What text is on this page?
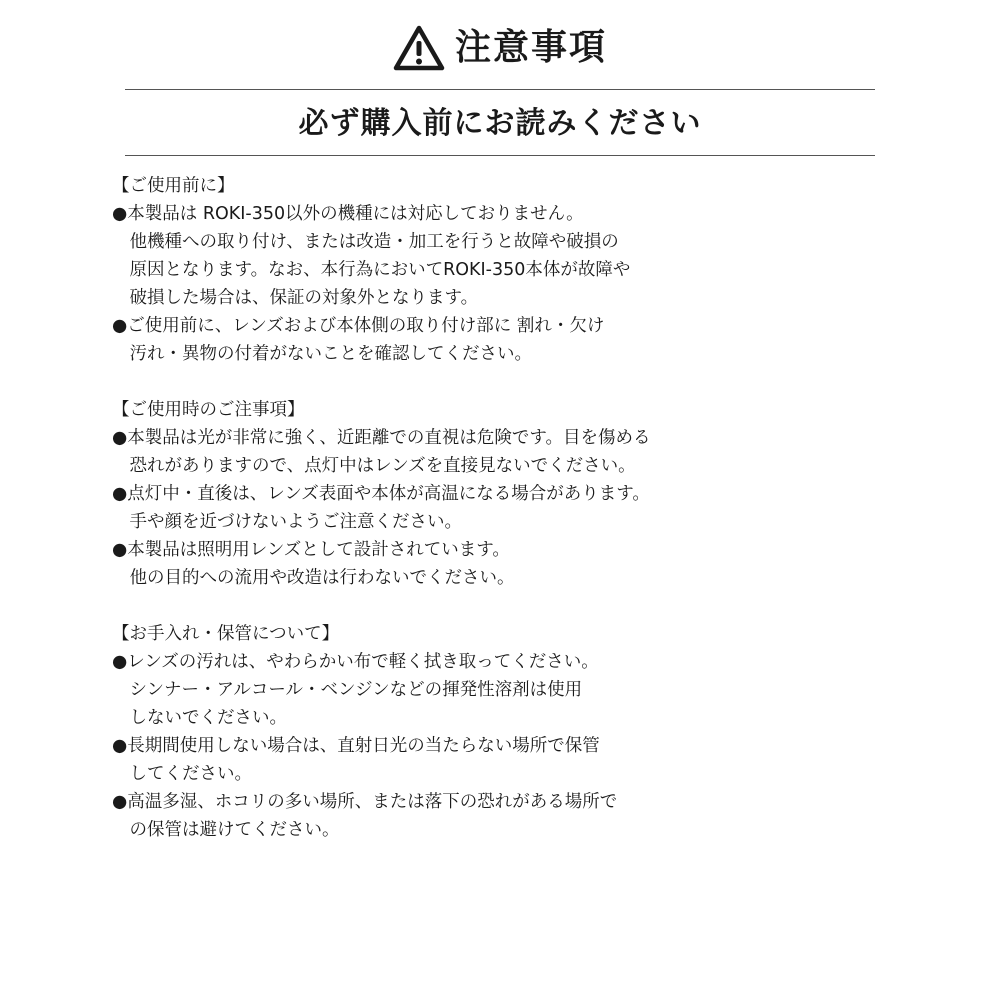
注意事項
必ず購入前にお読みください
【ご使用前に】
●本製品は ROKI-350以外の機種には対応しておりません。
　他機種への取り付け、または改造・加工を行うと故障や破損の
　原因となります。なお、本行為においてROKI-350本体が故障や
　破損した場合は、保証の対象外となります。
●ご使用前に、レンズおよび本体側の取り付け部に 割れ・欠け
　汚れ・異物の付着がないことを確認してください。
【ご使用時のご注事項】
●本製品は光が非常に強く、近距離での直視は危険です。目を傷める
　恐れがありますので、点灯中はレンズを直接見ないでください。
●点灯中・直後は、レンズ表面や本体が高温になる場合があります。
　手や顔を近づけないようご注意ください。
●本製品は照明用レンズとして設計されています。
　他の目的への流用や改造は行わないでください。
【お手入れ・保管について】
●レンズの汚れは、やわらかい布で軽く拭き取ってください。
　シンナー・アルコール・ベンジンなどの揮発性溶剤は使用
　しないでください。
●長期間使用しない場合は、直射日光の当たらない場所で保管
　してください。
●高温多湿、ホコリの多い場所、または落下の恐れがある場所で
　の保管は避けてください。
